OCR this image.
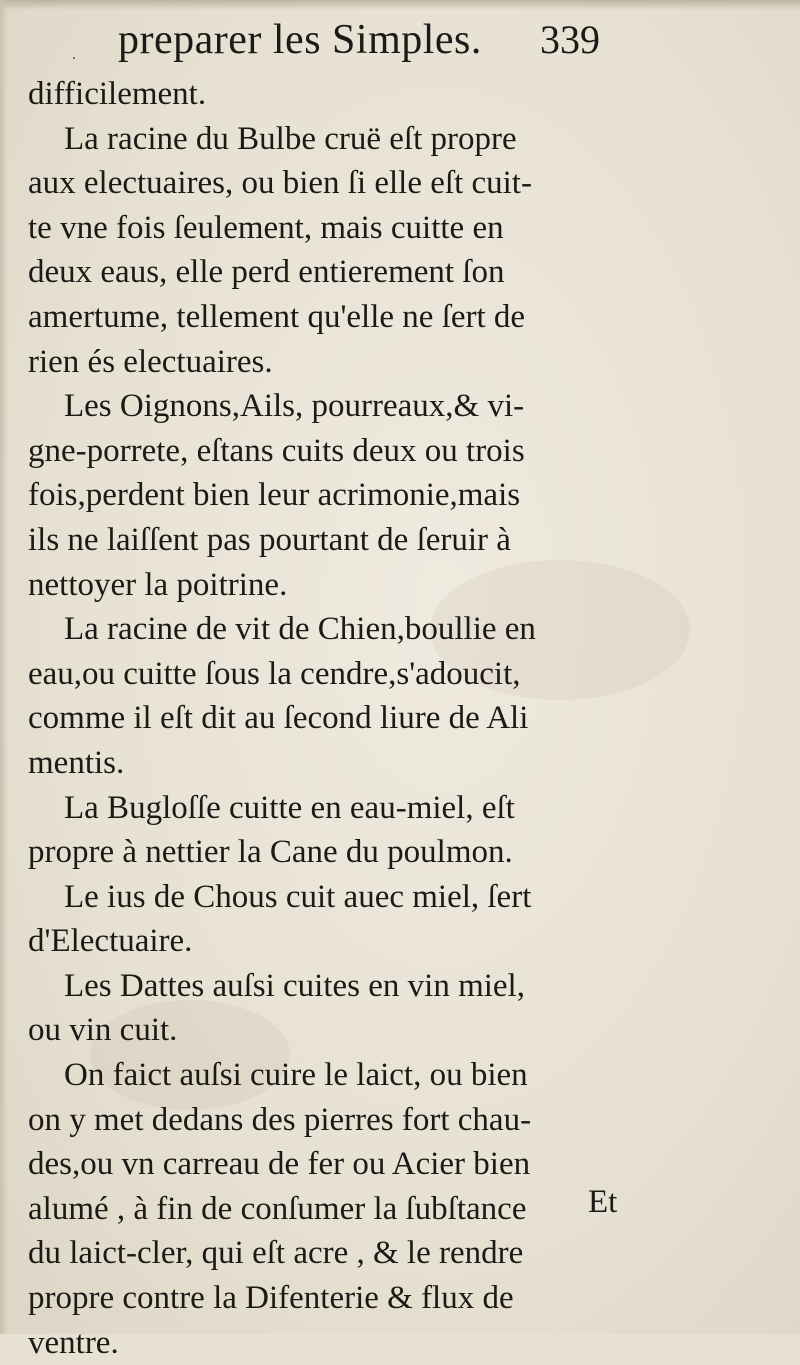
. preparer les Simples. 339
difficilement.
La racine du Bulbe cruë eſt propre
aux electuaires, ou bien ſi elle eſt cuit-
te vne fois ſeulement, mais cuitte en
deux eaus, elle perd entierement ſon
amertume, tellement qu'elle ne ſert de
rien és electuaires.
Les Oignons,Ails, pourreaux,& vi-
gne-porrete, eſtans cuits deux ou trois
fois,perdent bien leur acrimonie,mais
ils ne laiſſent pas pourtant de ſeruir à
nettoyer la poitrine.
La racine de vit de Chien,boullie en
eau,ou cuitte ſous la cendre,s'adoucit,
comme il eſt dit au ſecond liure de Ali
mentis.
La Bugloſſe cuitte en eau-miel, eſt
propre à nettier la Cane du poulmon.
Le ius de Chous cuit auec miel, ſert
d'Electuaire.
Les Dattes auſsi cuites en vin miel,
ou vin cuit.
On faict auſsi cuire le laict, ou bien
on y met dedans des pierres fort chau-
des,ou vn carreau de fer ou Acier bien
alumé , à fin de conſumer la ſubſtance
du laict-cler, qui eſt acre , & le rendre
propre contre la Difenterie & flux de
ventre.
Et
